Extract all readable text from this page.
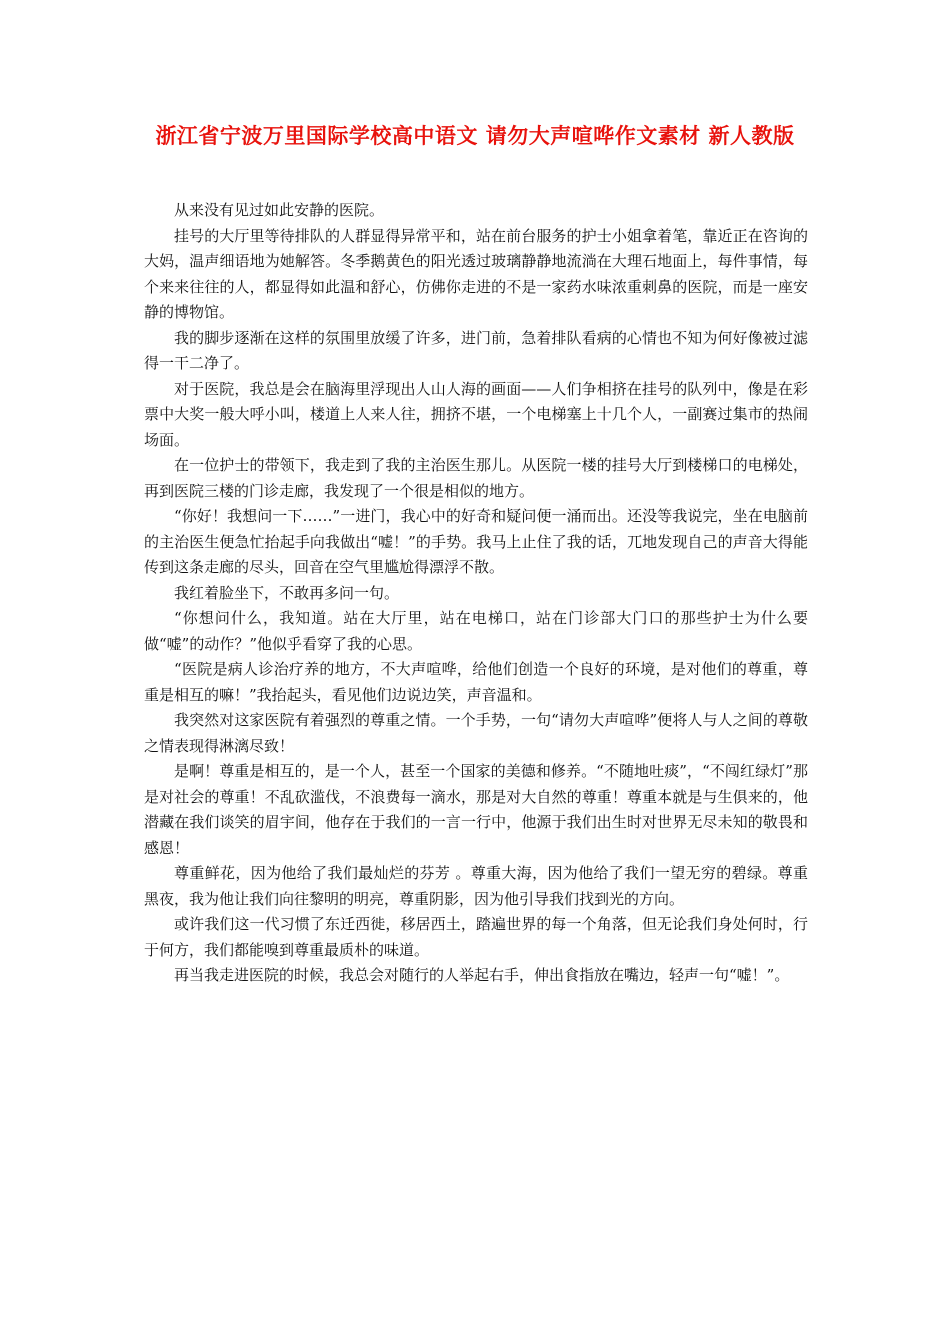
浙江省宁波万里国际学校高中语文 请勿大声喧哗作文素材 新人教版

从来没有见过如此安静的医院。

挂号的大厅里等待排队的人群显得异常平和，站在前台服务的护士小姐拿着笔，靠近正在咨询的大妈，温声细语地为她解答。冬季鹅黄色的阳光透过玻璃静静地流淌在大理石地面上，每件事情，每个来来往往的人，都显得如此温和舒心，仿佛你走进的不是一家药水味浓重刺鼻的医院，而是一座安静的博物馆。

我的脚步逐渐在这样的氛围里放缓了许多，进门前，急着排队看病的心情也不知为何好像被过滤得一干二净了。

对于医院，我总是会在脑海里浮现出人山人海的画面——人们争相挤在挂号的队列中，像是在彩票中大奖一般大呼小叫，楼道上人来人往，拥挤不堪，一个电梯塞上十几个人，一副赛过集市的热闹场面。

在一位护士的带领下，我走到了我的主治医生那儿。从医院一楼的挂号大厅到楼梯口的电梯处，再到医院三楼的门诊走廊，我发现了一个很是相似的地方。

“你好！我想问一下……”一进门，我心中的好奇和疑问便一涌而出。还没等我说完，坐在电脑前的主治医生便急忙抬起手向我做出“嘘！”的手势。我马上止住了我的话，兀地发现自己的声音大得能传到这条走廊的尽头，回音在空气里尴尬得漂浮不散。

我红着脸坐下，不敢再多问一句。

“你想问什么，我知道。站在大厅里，站在电梯口，站在门诊部大门口的那些护士为什么要做“嘘”的动作？”他似乎看穿了我的心思。

“医院是病人诊治疗养的地方，不大声喧哗，给他们创造一个良好的环境，是对他们的尊重，尊重是相互的嘛！”我抬起头，看见他们边说边笑，声音温和。

我突然对这家医院有着强烈的尊重之情。一个手势，一句“请勿大声喧哗”便将人与人之间的尊敬之情表现得淋漓尽致！

是啊！尊重是相互的，是一个人，甚至一个国家的美德和修养。“不随地吐痰”，“不闯红绿灯”那是对社会的尊重！不乱砍滥伐，不浪费每一滴水，那是对大自然的尊重！尊重本就是与生俱来的，他潜藏在我们谈笑的眉宇间，他存在于我们的一言一行中，他源于我们出生时对世界无尽未知的敬畏和感恩！

尊重鲜花，因为他给了我们最灿烂的芬芳 。尊重大海，因为他给了我们一望无穷的碧绿。尊重黑夜，我为他让我们向往黎明的明亮，尊重阴影，因为他引导我们找到光的方向。

或许我们这一代习惯了东迁西徙，移居西土，踏遍世界的每一个角落，但无论我们身处何时，行于何方，我们都能嗅到尊重最质朴的味道。

再当我走进医院的时候，我总会对随行的人举起右手，伸出食指放在嘴边，轻声一句“嘘！”。
